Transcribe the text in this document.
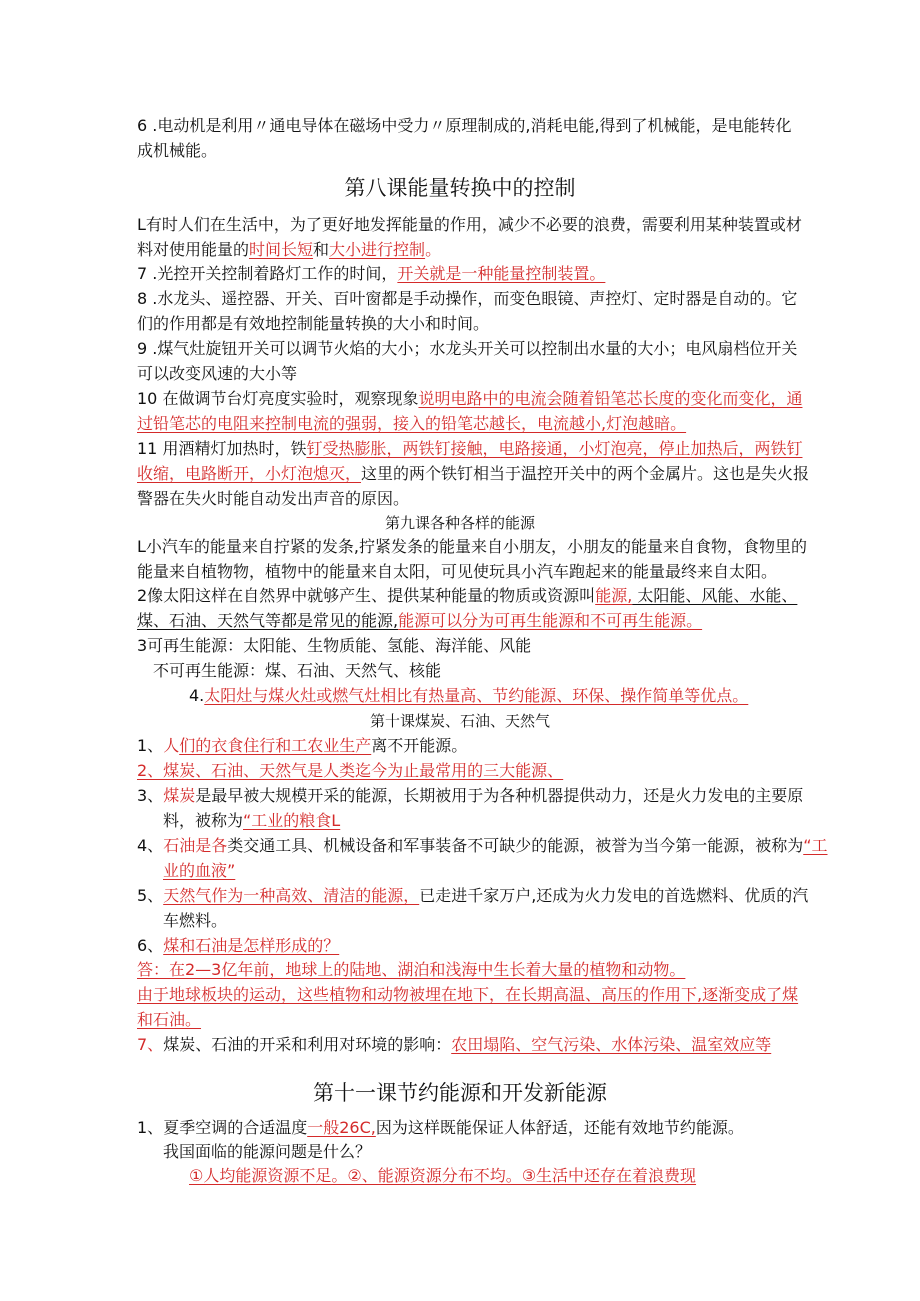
6 .电动机是利用〃通电导体在磁场中受力〃原理制成的,消耗电能,得到了机械能，是电能转化
成机械能。
第八课能量转换中的控制
L有时人们在生活中，为了更好地发挥能量的作用，减少不必要的浪费，需要利用某种装置或材
料对使用能量的时间长短和大小进行控制。
7 .光控开关控制着路灯工作的时间，开关就是一种能量控制装置。
8 .水龙头、遥控器、开关、百叶窗都是手动操作，而变色眼镜、声控灯、定时器是自动的。它
们的作用都是有效地控制能量转换的大小和时间。
9 .煤气灶旋钮开关可以调节火焰的大小；水龙头开关可以控制出水量的大小；电风扇档位开关
可以改变风速的大小等
10 在做调节台灯亮度实验时，观察现象说明电路中的电流会随着铅笔芯长度的变化而变化，通
过铅笔芯的电阻来控制电流的强弱，接入的铅笔芯越长，电流越小,灯泡越暗。
11 用酒精灯加热时，铁钉受热膨胀，两铁钉接触，电路接通，小灯泡亮，停止加热后，两铁钉
收缩，电路断开，小灯泡熄灭，这里的两个铁钉相当于温控开关中的两个金属片。这也是失火报
警器在失火时能自动发出声音的原因。
第九课各种各样的能源
L小汽车的能量来自拧紧的发条,拧紧发条的能量来自小朋友，小朋友的能量来自食物，食物里的
能量来自植物物，植物中的能量来自太阳，可见使玩具小汽车跑起来的能量最终来自太阳。
2像太阳这样在自然界中就够产生、提供某种能量的物质或资源叫能源, 太阳能、风能、水能、
煤、石油、天然气等都是常见的能源,能源可以分为可再生能源和不可再生能源。
3可再生能源：太阳能、生物质能、氢能、海洋能、风能
不可再生能源：煤、石油、天然气、核能
4.太阳灶与煤火灶或燃气灶相比有热量高、节约能源、环保、操作简单等优点。
第十课煤炭、石油、天然气
1、人们的衣食住行和工农业生产离不开能源。
2、煤炭、石油、天然气是人类迄今为止最常用的三大能源、
3、煤炭是最早被大规模开采的能源，长期被用于为各种机器提供动力，还是火力发电的主要原
料，被称为“工业的粮食L
4、石油是各类交通工具、机械设备和军事装备不可缺少的能源，被誉为当今第一能源，被称为“工
业的血液”
5、天然气作为一种高效、清洁的能源，已走进千家万户,还成为火力发电的首选燃料、优质的汽
车燃料。
6、煤和石油是怎样形成的？
答：在2—3亿年前，地球上的陆地、湖泊和浅海中生长着大量的植物和动物。
由于地球板块的运动，这些植物和动物被埋在地下，在长期高温、高压的作用下,逐渐变成了煤
和石油。
7、煤炭、石油的开采和利用对环境的影响：农田塌陷、空气污染、水体污染、温室效应等
第十一课节约能源和开发新能源
1、夏季空调的合适温度一般26C,因为这样既能保证人体舒适，还能有效地节约能源。
我国面临的能源问题是什么？
①人均能源资源不足。②、能源资源分布不均。③生活中还存在着浪费现
